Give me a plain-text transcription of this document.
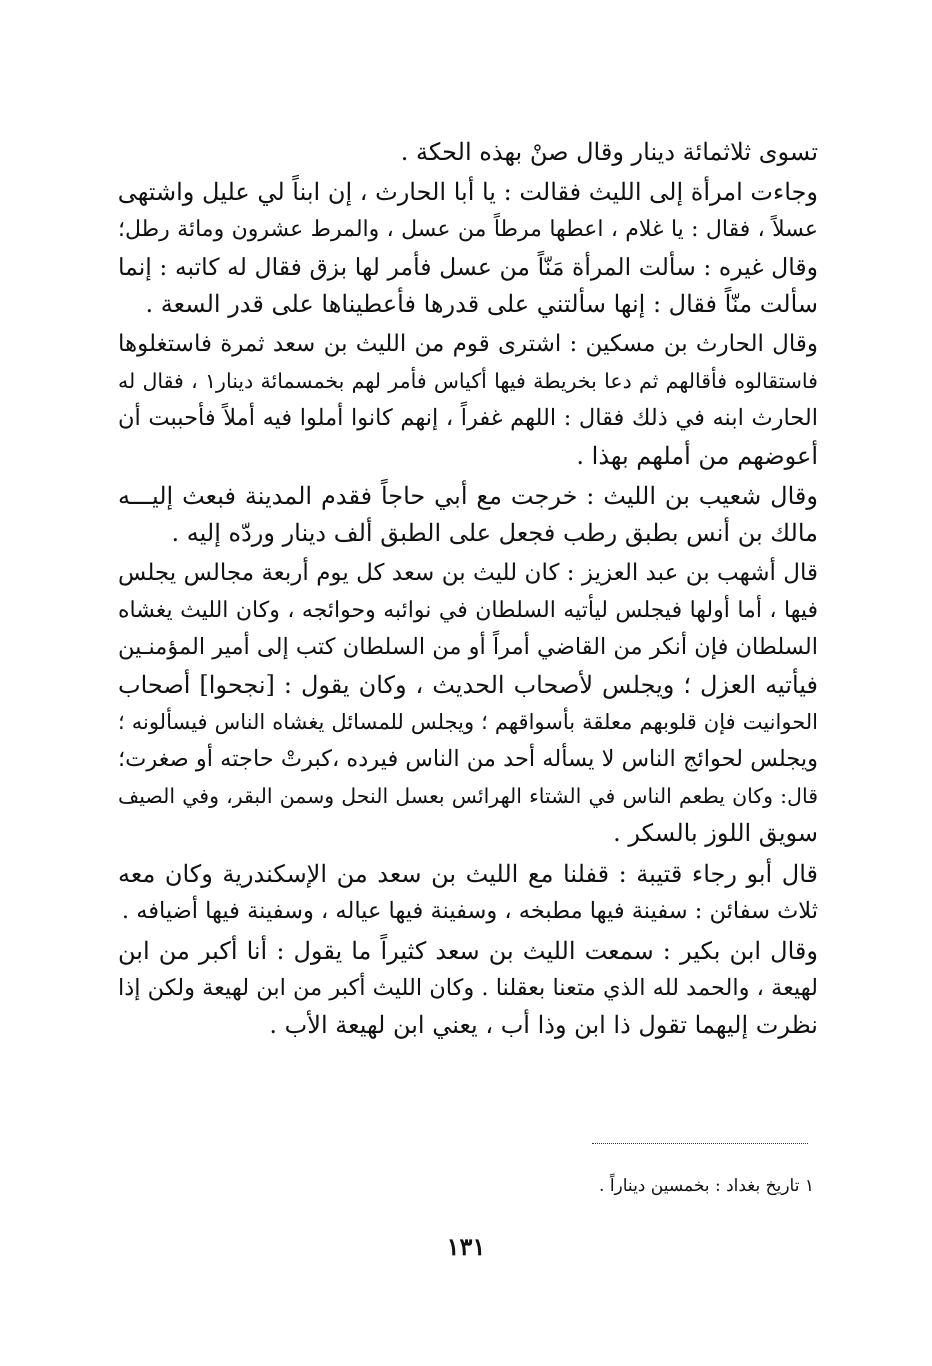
تسوى ثلاثمائة دينار وقال صنْ بهذه الحكة .
وجاءت امرأة إلى الليث فقالت : يا أبا الحارث ، إن ابناً لي عليل واشتهى
عسلاً ، فقال : يا غلام ، اعطها مرطاً من عسل ، والمرط عشرون ومائة رطل؛
وقال غيره : سألت المرأة مَنّاً من عسل فأمر لها بزق فقال له كاتبه : إنما
سألت منّاً فقال : إنها سألتني على قدرها فأعطيناها على قدر السعة .
وقال الحارث بن مسكين : اشترى قوم من الليث بن سعد ثمرة فاستغلوها
فاستقالوه فأقالهم ثم دعا بخريطة فيها أكياس فأمر لهم بخمسمائة دينار١ ، فقال له
الحارث ابنه في ذلك فقال : اللهم غفراً ، إنهم كانوا أملوا فيه أملاً فأحببت أن
أعوضهم من أملهم بهذا .
وقال شعيب بن الليث : خرجت مع أبي حاجاً فقدم المدينة فبعث إليـــه
مالك بن أنس بطبق رطب فجعل على الطبق ألف دينار وردّه إليه .
قال أشهب بن عبد العزيز : كان لليث بن سعد كل يوم أربعة مجالس يجلس
فيها ، أما أولها فيجلس ليأتيه السلطان في نوائبه وحوائجه ، وكان الليث يغشاه
السلطان فإن أنكر من القاضي أمراً أو من السلطان كتب إلى أمير المؤمنـين
فيأتيه العزل ؛ ويجلس لأصحاب الحديث ، وكان يقول : [نجحوا] أصحاب
الحوانيت فإن قلوبهم معلقة بأسواقهم ؛ ويجلس للمسائل يغشاه الناس فيسألونه ؛
ويجلس لحوائج الناس لا يسأله أحد من الناس فيرده ،كبرتْ حاجته أو صغرت؛
قال: وكان يطعم الناس في الشتاء الهرائس بعسل النحل وسمن البقر، وفي الصيف
سويق اللوز بالسكر .
قال أبو رجاء قتيبة : قفلنا مع الليث بن سعد من الإسكندرية وكان معه
ثلاث سفائن : سفينة فيها مطبخه ، وسفينة فيها عياله ، وسفينة فيها أضيافه .
وقال ابن بكير : سمعت الليث بن سعد كثيراً ما يقول : أنا أكبر من ابن
لهيعة ، والحمد لله الذي متعنا بعقلنا . وكان الليث أكبر من ابن لهيعة ولكن إذا
نظرت إليهما تقول ذا ابن وذا أب ، يعني ابن لهيعة الأب .
١ تاريخ بغداد : بخمسين ديناراً .
١٣١
